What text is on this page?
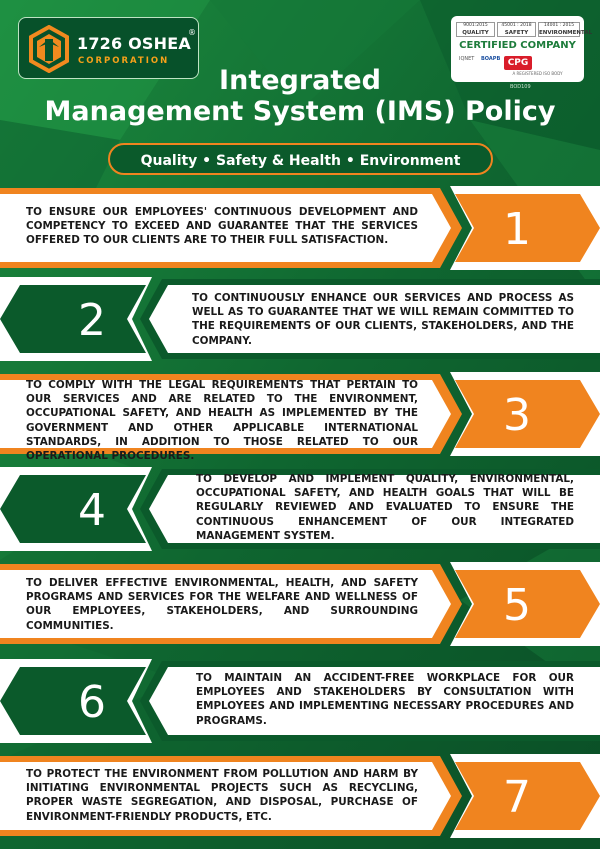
1726 OSHEA
®
CORPORATION
9001:2015
QUALITY
45001 : 2018
SAFETY
14001 : 2015
ENVIRONMENTAL
CERTIFIED COMPANY
IQNET BOAPB CPG
A REGISTERED ISO BODY
BOD109
Integrated
Management System (IMS) Policy
Quality • Safety & Health • Environment
1
TO ENSURE OUR EMPLOYEES' CONTINUOUS DEVELOPMENT AND COMPETENCY TO EXCEED AND GUARANTEE THAT THE SERVICES OFFERED TO OUR CLIENTS ARE TO THEIR FULL SATISFACTION.
2	TO CONTINUOUSLY ENHANCE OUR SERVICES AND PROCESS AS WELL AS TO GUARANTEE THAT WE WILL REMAIN COMMITTED TO THE REQUIREMENTS OF OUR CLIENTS, STAKEHOLDERS, AND THE COMPANY.
3
TO COMPLY WITH THE LEGAL REQUIREMENTS THAT PERTAIN TO OUR SERVICES AND ARE RELATED TO THE ENVIRONMENT, OCCUPATIONAL SAFETY, AND HEALTH AS IMPLEMENTED BY THE GOVERNMENT AND OTHER APPLICABLE INTERNATIONAL STANDARDS, IN ADDITION TO THOSE RELATED TO OUR OPERATIONAL PROCEDURES.
4
TO DEVELOP AND IMPLEMENT QUALITY, ENVIRONMENTAL, OCCUPATIONAL SAFETY, AND HEALTH GOALS THAT WILL BE REGULARLY REVIEWED AND EVALUATED TO ENSURE THE CONTINUOUS ENHANCEMENT OF OUR INTEGRATED MANAGEMENT SYSTEM.
5
TO DELIVER EFFECTIVE ENVIRONMENTAL, HEALTH, AND SAFETY PROGRAMS AND SERVICES FOR THE WELFARE AND WELLNESS OF OUR EMPLOYEES, STAKEHOLDERS, AND SURROUNDING COMMUNITIES.
6	TO MAINTAIN AN ACCIDENT-FREE WORKPLACE FOR OUR EMPLOYEES AND STAKEHOLDERS BY CONSULTATION WITH EMPLOYEES AND IMPLEMENTING NECESSARY PROCEDURES AND PROGRAMS.
7
TO PROTECT THE ENVIRONMENT FROM POLLUTION AND HARM BY INITIATING ENVIRONMENTAL PROJECTS SUCH AS RECYCLING, PROPER WASTE SEGREGATION, AND DISPOSAL, PURCHASE OF ENVIRONMENT-FRIENDLY PRODUCTS, ETC.
